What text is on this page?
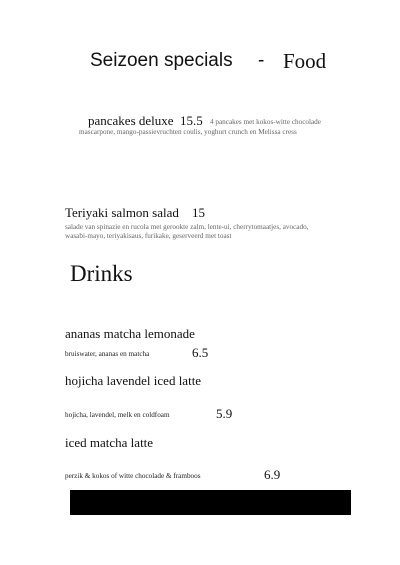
Seizoen specials - Food
pancakes deluxe 15.5 4 pancakes met kokos-witte chocolade
mascarpone, mango-passievruchten coulis, yoghurt crunch en Melissa cress
Teriyaki salmon salad 15
salade van spinazie en rucola met gerookte zalm, lente-ui, cherrytomaatjes, avocado,
wasabi-mayo, teriyakisaus, furikake, geserveerd met toast
Drinks
ananas matcha lemonade
bruiswater, ananas en matcha	6.5
hojicha lavendel iced latte
hojicha, lavendel, melk en coldfoam	5.9
iced matcha latte
perzik & kokos of witte chocolade & framboos	6.9
